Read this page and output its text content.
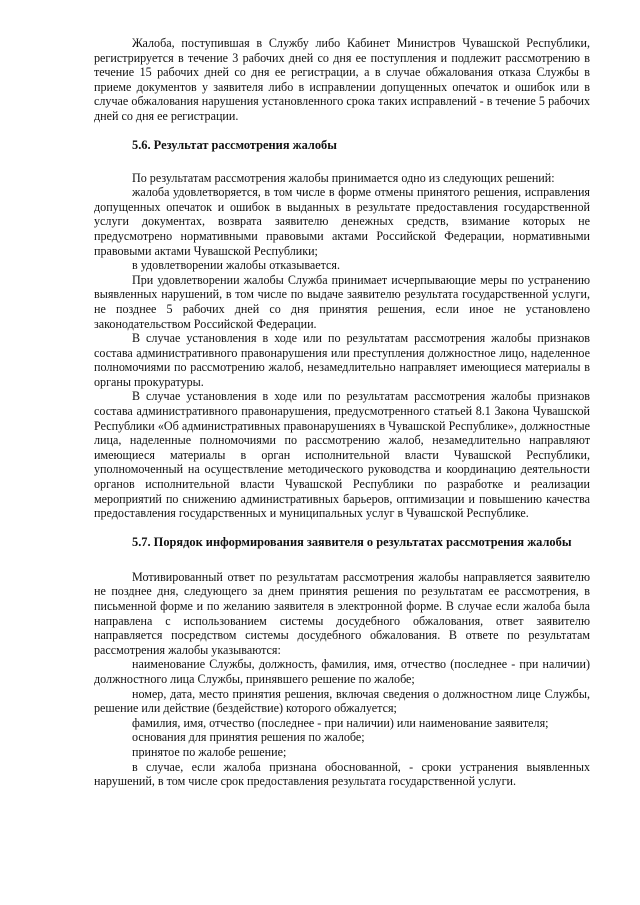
Жалоба, поступившая в Службу либо Кабинет Министров Чувашской Республики, регистрируется в течение 3 рабочих дней со дня ее поступления и подлежит рассмотрению в течение 15 рабочих дней со дня ее регистрации, а в случае обжалования отказа Службы в приеме документов у заявителя либо в исправлении допущенных опечаток и ошибок или в случае обжалования нарушения установленного срока таких исправлений - в течение 5 рабочих дней со дня ее регистрации.

5.6. Результат рассмотрения жалобы

По результатам рассмотрения жалобы принимается одно из следующих решений:

жалоба удовлетворяется, в том числе в форме отмены принятого решения, исправления допущенных опечаток и ошибок в выданных в результате предоставления государственной услуги документах, возврата заявителю денежных средств, взимание которых не предусмотрено нормативными правовыми актами Российской Федерации, нормативными правовыми актами Чувашской Республики;

в удовлетворении жалобы отказывается.

При удовлетворении жалобы Служба принимает исчерпывающие меры по устранению выявленных нарушений, в том числе по выдаче заявителю результата государственной услуги, не позднее 5 рабочих дней со дня принятия решения, если иное не установлено законодательством Российской Федерации.

В случае установления в ходе или по результатам рассмотрения жалобы признаков состава административного правонарушения или преступления должностное лицо, наделенное полномочиями по рассмотрению жалоб, незамедлительно направляет имеющиеся материалы в органы прокуратуры.

В случае установления в ходе или по результатам рассмотрения жалобы признаков состава административного правонарушения, предусмотренного статьей 8.1 Закона Чувашской Республики «Об административных правонарушениях в Чувашской Республике», должностные лица, наделенные полномочиями по рассмотрению жалоб, незамедлительно направляют имеющиеся материалы в орган исполнительной власти Чувашской Республики, уполномоченный на осуществление методического руководства и координацию деятельности органов исполнительной власти Чувашской Республики по разработке и реализации мероприятий по снижению административных барьеров, оптимизации и повышению качества предоставления государственных и муниципальных услуг в Чувашской Республике.

5.7. Порядок информирования заявителя о результатах рассмотрения жалобы

Мотивированный ответ по результатам рассмотрения жалобы направляется заявителю не позднее дня, следующего за днем принятия решения по результатам ее рассмотрения, в письменной форме и по желанию заявителя в электронной форме. В случае если жалоба была направлена с использованием системы досудебного обжалования, ответ заявителю направляется посредством системы досудебного обжалования. В ответе по результатам рассмотрения жалобы указываются:

наименование Службы, должность, фамилия, имя, отчество (последнее - при наличии) должностного лица Службы, принявшего решение по жалобе;

номер, дата, место принятия решения, включая сведения о должностном лице Службы, решение или действие (бездействие) которого обжалуется;

фамилия, имя, отчество (последнее - при наличии) или наименование заявителя;

основания для принятия решения по жалобе;

принятое по жалобе решение;

в случае, если жалоба признана обоснованной, - сроки устранения выявленных нарушений, в том числе срок предоставления результата государственной услуги.
